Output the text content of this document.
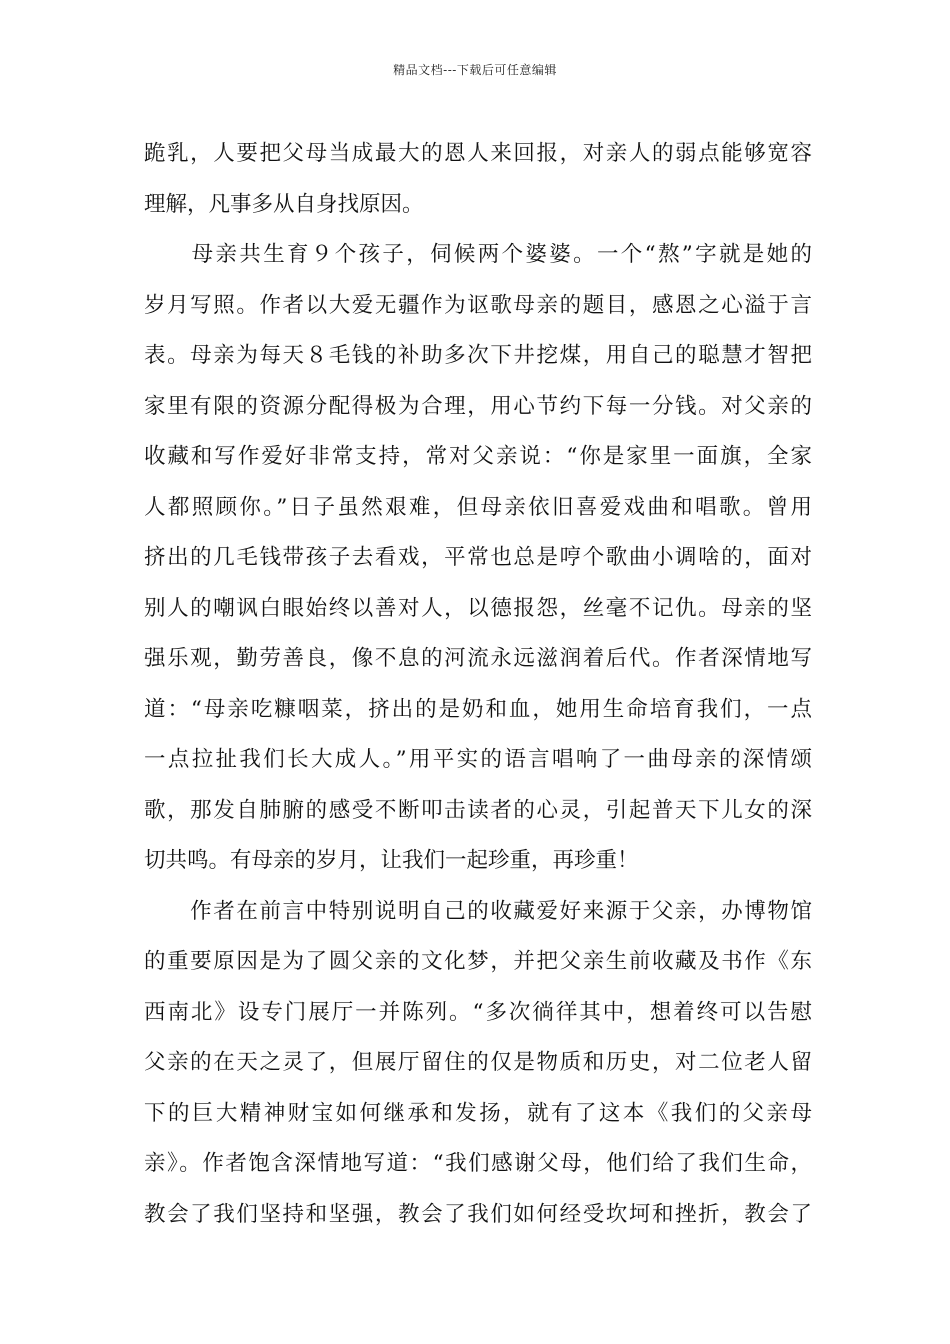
精品文档---下载后可任意编辑
跪乳，人要把父母当成最大的恩人来回报，对亲人的弱点能够宽容
理解，凡事多从自身找原因。
　　母亲共生育９个孩子，伺候两个婆婆。一个“熬”字就是她的
岁月写照。作者以大爱无疆作为讴歌母亲的题目，感恩之心溢于言
表。母亲为每天８毛钱的补助多次下井挖煤，用自己的聪慧才智把
家里有限的资源分配得极为合理，用心节约下每一分钱。对父亲的
收藏和写作爱好非常支持，常对父亲说：“你是家里一面旗，全家
人都照顾你。”日子虽然艰难，但母亲依旧喜爱戏曲和唱歌。曾用
挤出的几毛钱带孩子去看戏，平常也总是哼个歌曲小调啥的，面对
别人的嘲讽白眼始终以善对人，以德报怨，丝毫不记仇。母亲的坚
强乐观，勤劳善良，像不息的河流永远滋润着后代。作者深情地写
道：“母亲吃糠咽菜，挤出的是奶和血，她用生命培育我们，一点
一点拉扯我们长大成人。”用平实的语言唱响了一曲母亲的深情颂
歌，那发自肺腑的感受不断叩击读者的心灵，引起普天下儿女的深
切共鸣。有母亲的岁月，让我们一起珍重，再珍重！
　　作者在前言中特别说明自己的收藏爱好来源于父亲，办博物馆
的重要原因是为了圆父亲的文化梦，并把父亲生前收藏及书作《东
西南北》设专门展厅一并陈列。“多次徜徉其中，想着终可以告慰
父亲的在天之灵了，但展厅留住的仅是物质和历史，对二位老人留
下的巨大精神财宝如何继承和发扬，就有了这本《我们的父亲母
亲》。作者饱含深情地写道：“我们感谢父母，他们给了我们生命，
教会了我们坚持和坚强，教会了我们如何经受坎坷和挫折，教会了
